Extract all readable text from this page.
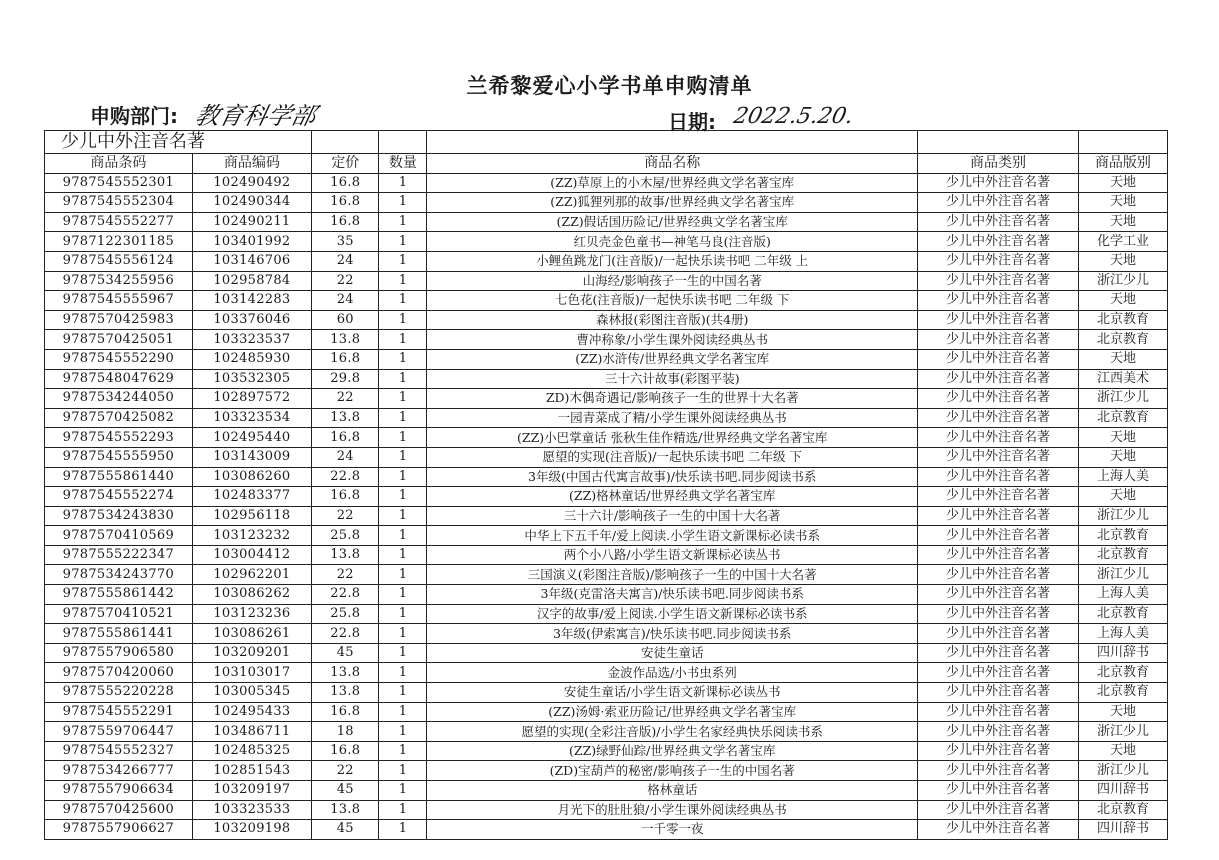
兰希黎爱心小学书单申购清单
申购部门: 教育科学部	日期: 2022.5.20.
少儿中外注音名著						
商品条码	商品编码	定价	数量	商品名称	商品类别	商品版别
9787545552301	102490492	16.8	1	(ZZ)草原上的小木屋/世界经典文学名著宝库	少儿中外注音名著	天地
9787545552304	102490344	16.8	1	(ZZ)狐狸列那的故事/世界经典文学名著宝库	少儿中外注音名著	天地
9787545552277	102490211	16.8	1	(ZZ)假话国历险记/世界经典文学名著宝库	少儿中外注音名著	天地
9787122301185	103401992	35	1	红贝壳金色童书—神笔马良(注音版)	少儿中外注音名著	化学工业
9787545556124	103146706	24	1	小鲤鱼跳龙门(注音版)/一起快乐读书吧 二年级 上	少儿中外注音名著	天地
9787534255956	102958784	22	1	山海经/影响孩子一生的中国名著	少儿中外注音名著	浙江少儿
9787545555967	103142283	24	1	七色花(注音版)/一起快乐读书吧 二年级 下	少儿中外注音名著	天地
9787570425983	103376046	60	1	森林报(彩图注音版)(共4册)	少儿中外注音名著	北京教育
9787570425051	103323537	13.8	1	曹冲称象/小学生课外阅读经典丛书	少儿中外注音名著	北京教育
9787545552290	102485930	16.8	1	(ZZ)水浒传/世界经典文学名著宝库	少儿中外注音名著	天地
9787548047629	103532305	29.8	1	三十六计故事(彩图平装)	少儿中外注音名著	江西美术
9787534244050	102897572	22	1	ZD)木偶奇遇记/影响孩子一生的世界十大名著	少儿中外注音名著	浙江少儿
9787570425082	103323534	13.8	1	一园青菜成了精/小学生课外阅读经典丛书	少儿中外注音名著	北京教育
9787545552293	102495440	16.8	1	(ZZ)小巴掌童话 张秋生佳作精选/世界经典文学名著宝库	少儿中外注音名著	天地
9787545555950	103143009	24	1	愿望的实现(注音版)/一起快乐读书吧 二年级 下	少儿中外注音名著	天地
9787555861440	103086260	22.8	1	3年级(中国古代寓言故事)/快乐读书吧.同步阅读书系	少儿中外注音名著	上海人美
9787545552274	102483377	16.8	1	(ZZ)格林童话/世界经典文学名著宝库	少儿中外注音名著	天地
9787534243830	102956118	22	1	三十六计/影响孩子一生的中国十大名著	少儿中外注音名著	浙江少儿
9787570410569	103123232	25.8	1	中华上下五千年/爱上阅读.小学生语文新课标必读书系	少儿中外注音名著	北京教育
9787555222347	103004412	13.8	1	两个小八路/小学生语文新课标必读丛书	少儿中外注音名著	北京教育
9787534243770	102962201	22	1	三国演义(彩图注音版)/影响孩子一生的中国十大名著	少儿中外注音名著	浙江少儿
9787555861442	103086262	22.8	1	3年级(克雷洛夫寓言)/快乐读书吧.同步阅读书系	少儿中外注音名著	上海人美
9787570410521	103123236	25.8	1	汉字的故事/爱上阅读.小学生语文新课标必读书系	少儿中外注音名著	北京教育
9787555861441	103086261	22.8	1	3年级(伊索寓言)/快乐读书吧.同步阅读书系	少儿中外注音名著	上海人美
9787557906580	103209201	45	1	安徒生童话	少儿中外注音名著	四川辞书
9787570420060	103103017	13.8	1	金波作品选/小书虫系列	少儿中外注音名著	北京教育
9787555220228	103005345	13.8	1	安徒生童话/小学生语文新课标必读丛书	少儿中外注音名著	北京教育
9787545552291	102495433	16.8	1	(ZZ)汤姆·索亚历险记/世界经典文学名著宝库	少儿中外注音名著	天地
9787559706447	103486711	18	1	愿望的实现(全彩注音版)/小学生名家经典快乐阅读书系	少儿中外注音名著	浙江少儿
9787545552327	102485325	16.8	1	(ZZ)绿野仙踪/世界经典文学名著宝库	少儿中外注音名著	天地
9787534266777	102851543	22	1	(ZD)宝葫芦的秘密/影响孩子一生的中国名著	少儿中外注音名著	浙江少儿
9787557906634	103209197	45	1	格林童话	少儿中外注音名著	四川辞书
9787570425600	103323533	13.8	1	月光下的肚肚狼/小学生课外阅读经典丛书	少儿中外注音名著	北京教育
9787557906627	103209198	45	1	一千零一夜	少儿中外注音名著	四川辞书
